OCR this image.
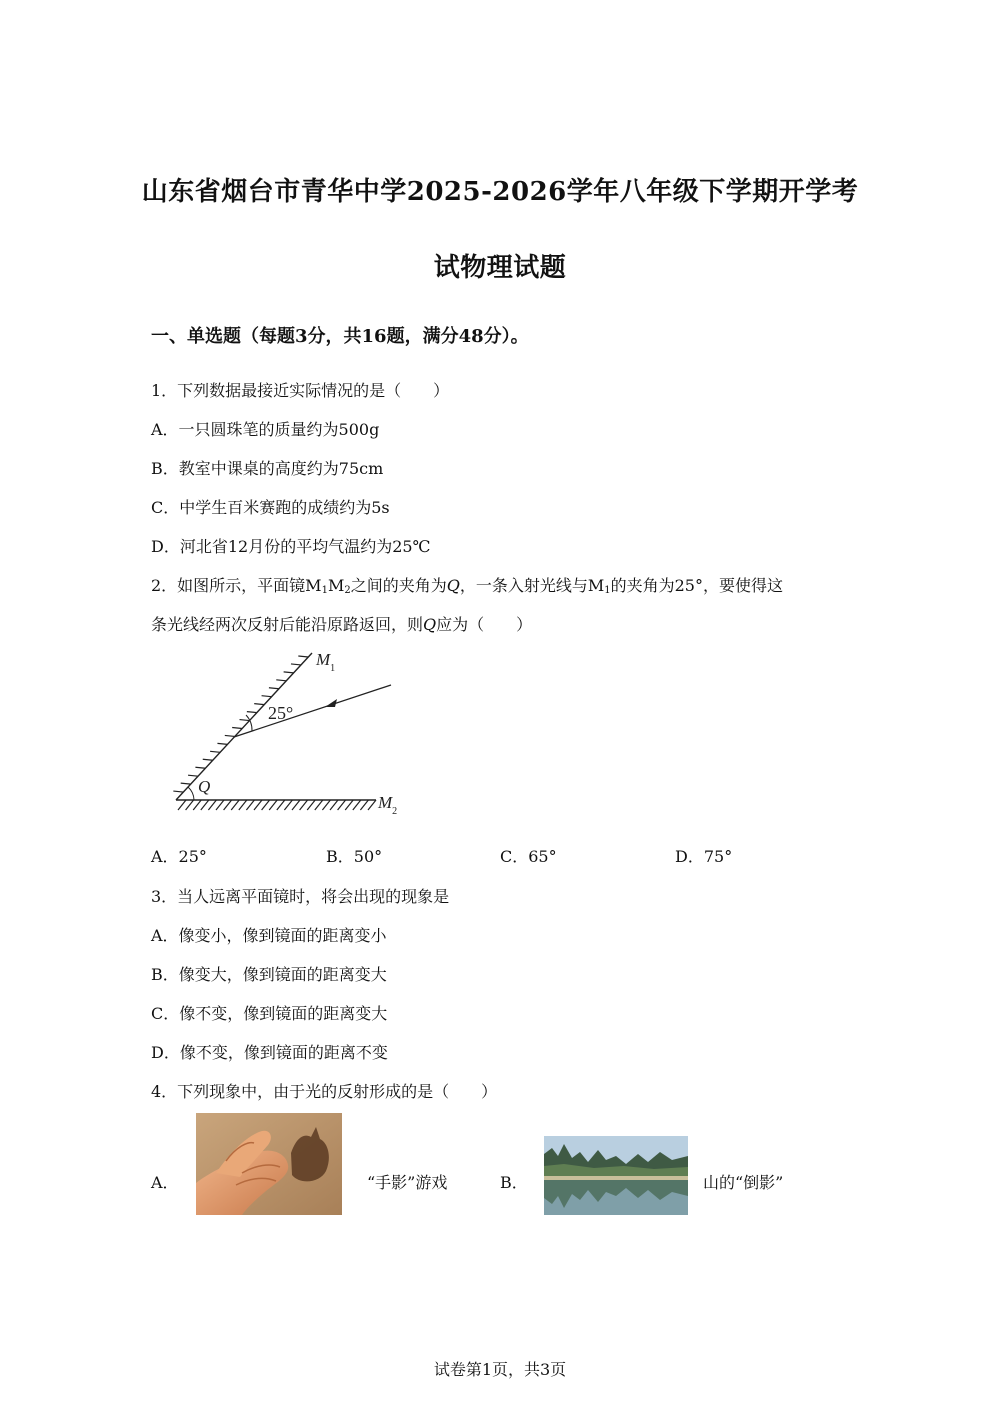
山东省烟台市青华中学2025-2026学年八年级下学期开学考
试物理试题
一、单选题（每题3分，共16题，满分48分）。
1．下列数据最接近实际情况的是（　　）
A．一只圆珠笔的质量约为500g
B．教室中课桌的高度约为75cm
C．中学生百米赛跑的成绩约为5s
D．河北省12月份的平均气温约为25℃
2．如图所示，平面镜$M_1M_2$之间的夹角为Q，一条入射光线与$M_1$的夹角为25°，要使得这
条光线经两次反射后能沿原路返回，则Q应为（　　）
25°
Q
$M_1$
$M_2$
A．25°	B．50°	C．65°	D．75°
3．当人远离平面镜时，将会出现的现象是
A．像变小，像到镜面的距离变小
B．像变大，像到镜面的距离变大
C．像不变，像到镜面的距离变大
D．像不变，像到镜面的距离不变
4．下列现象中，由于光的反射形成的是（　　）
A．	“手影”游戏	B．	山的“倒影”
试卷第1页，共3页
